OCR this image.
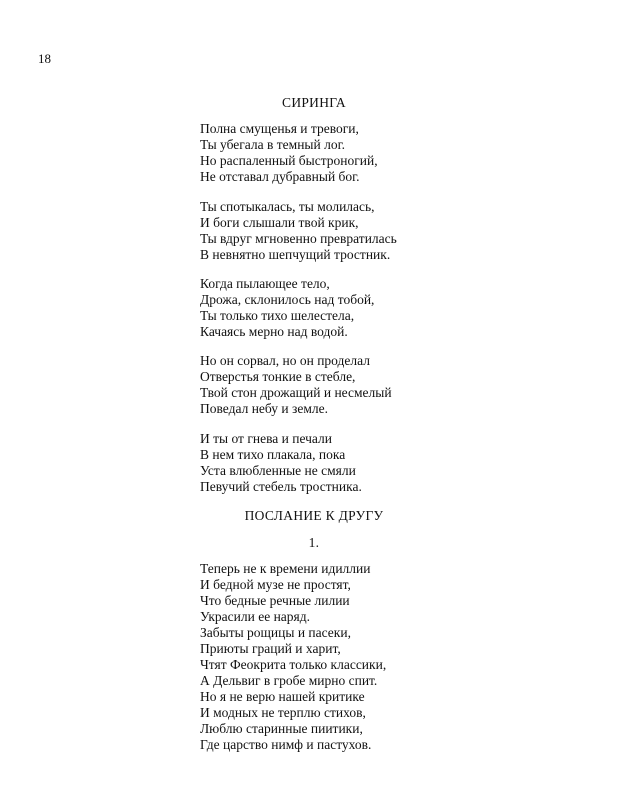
18
СИРИНГА
Полна смущенья и тревоги,
Ты убегала в темный лог.
Но распаленный быстроногий,
Не отставал дубравный бог.
Ты спотыкалась, ты молилась,
И боги слышали твой крик,
Ты вдруг мгновенно превратилась
В невнятно шепчущий тростник.
Когда пылающее тело,
Дрожа, склонилось над тобой,
Ты только тихо шелестела,
Качаясь мерно над водой.
Но он сорвал, но он проделал
Отверстья тонкие в стебле,
Твой стон дрожащий и несмелый
Поведал небу и земле.
И ты от гнева и печали
В нем тихо плакала, пока
Уста влюбленные не смяли
Певучий стебель тростника.
ПОСЛАНИЕ К ДРУГУ
1.
Теперь не к времени идиллии
И бедной музе не простят,
Что бедные речные лилии
Украсили ее наряд.
Забыты рощицы и пасеки,
Приюты граций и харит,
Чтят Феокрита только классики,
А Дельвиг в гробе мирно спит.
Но я не верю нашей критике
И модных не терплю стихов,
Люблю старинные пиитики,
Где царство нимф и пастухов.
